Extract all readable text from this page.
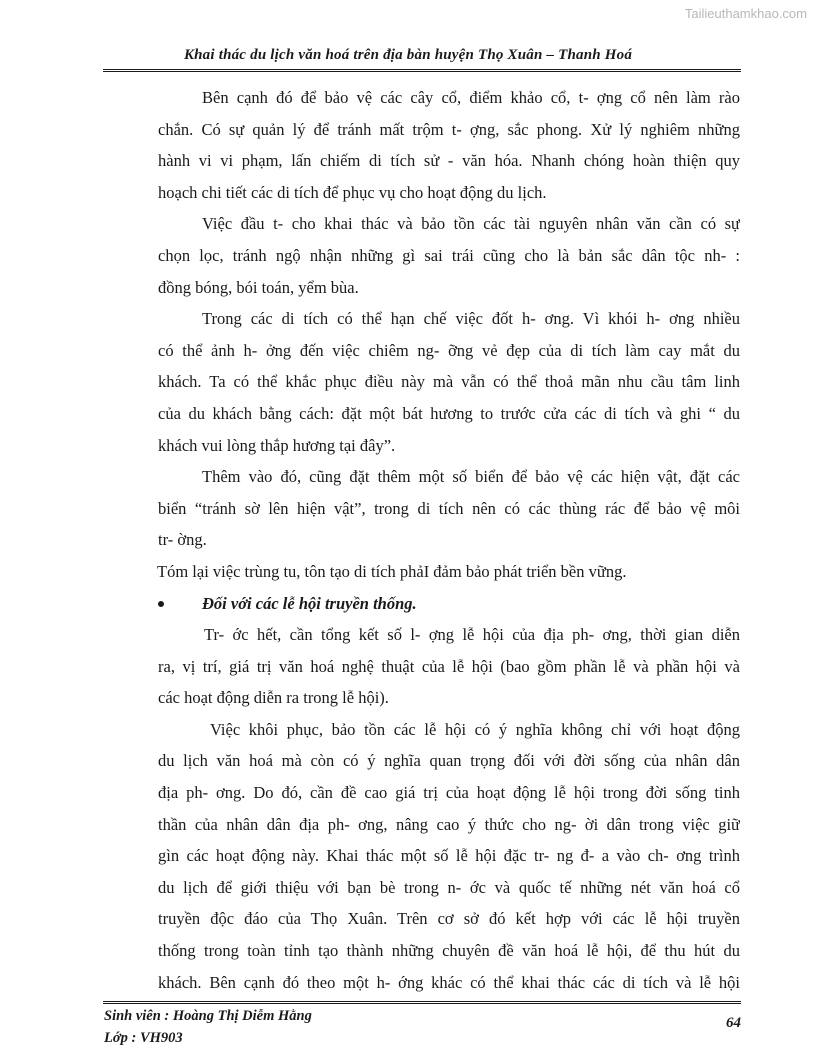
Tailieuthamkhao.com
Khai thác du lịch văn hoá trên địa bàn huyện Thọ Xuân – Thanh Hoá
Bên cạnh đó để bảo vệ các cây cổ, điểm khảo cổ, t- ợng cổ nên làm rào
chắn. Có sự quản lý để tránh mất trộm t- ợng, sắc phong. Xử lý nghiêm những
hành vi vi phạm, lấn chiếm di tích sử - văn hóa. Nhanh chóng hoàn thiện quy
hoạch chi tiết các di tích để phục vụ cho hoạt động du lịch.
Việc đầu t- cho khai thác và bảo tồn các tài nguyên nhân văn cần có sự
chọn lọc, tránh ngộ nhận những gì sai trái cũng cho là bản sắc dân tộc nh- :
đồng bóng, bói toán, yểm bùa.
Trong các di tích có thể hạn chế việc đốt h- ơng. Vì khói h- ơng nhiều
có thể ảnh h- ởng đến việc chiêm ng- ỡng vẻ đẹp của di tích làm cay mắt du
khách. Ta có thể khắc phục điều này mà vẫn có thể thoả mãn nhu cầu tâm linh
của du khách bằng cách: đặt một bát hương to trước cửa các di tích và ghi “ du
khách vui lòng thắp hương tại đây”.
Thêm vào đó, cũng đặt thêm một số biển để bảo vệ các hiện vật, đặt các
biển “tránh sờ lên hiện vật”, trong di tích nên có các thùng rác để bảo vệ môi
tr- ờng.
Tóm lại việc trùng tu, tôn tạo di tích phảI đảm bảo phát triển bền vững.
Đối với các lễ hội truyền thống.
Tr- ớc hết, cần tổng kết số l- ợng lễ hội của địa ph- ơng, thời gian diễn
ra, vị trí, giá trị văn hoá nghệ thuật của lễ hội (bao gồm phần lễ và phần hội và
các hoạt động diễn ra trong lễ hội).
Việc khôi phục, bảo tồn các lễ hội có ý nghĩa không chỉ với hoạt động
du lịch văn hoá mà còn có ý nghĩa quan trọng đối với đời sống của nhân dân
địa ph- ơng. Do đó, cần đề cao giá trị của hoạt động lễ hội trong đời sống tinh
thần của nhân dân địa ph- ơng, nâng cao ý thức cho ng- ời dân trong việc giữ
gìn các hoạt động này. Khai thác một số lễ hội đặc tr- ng đ- a vào ch- ơng trình
du lịch để giới thiệu với bạn bè trong n- ớc và quốc tế những nét văn hoá cổ
truyền độc đáo của Thọ Xuân. Trên cơ sở đó kết hợp với các lễ hội truyền
thống trong toàn tỉnh tạo thành những chuyên đề văn hoá lễ hội, để thu hút du
khách. Bên cạnh đó theo một h- ớng khác có thể khai thác các di tích và lễ hội
Sinh viên : Hoàng Thị Diễm Hằng
Lớp : VH903
64
